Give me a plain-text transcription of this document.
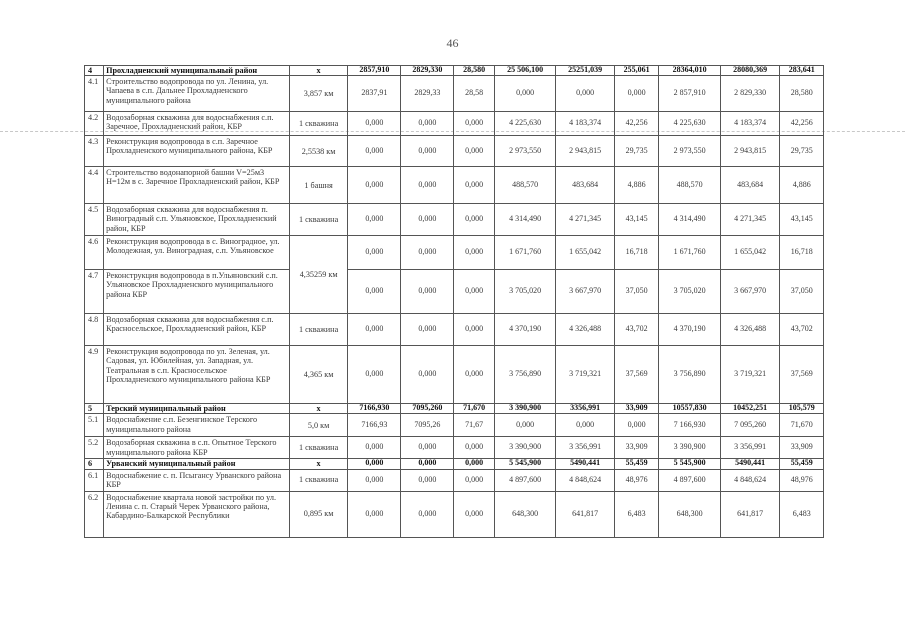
46
4	Прохладненский муниципальный район	х	2857,910	2829,330	28,580	25 506,100	25251,039	255,061	28364,010	28080,369	283,641
4.1	Строительство водопровода по ул. Ленина, ул. Чапаева в с.п. Дальнее Прохладненского муниципального района	3,857 км	2837,91	2829,33	28,58	0,000	0,000	0,000	2 857,910	2 829,330	28,580
4.2	Водозаборная скважина для водоснабжения с.п. Заречное, Прохладненский район, КБР	1 скважина	0,000	0,000	0,000	4 225,630	4 183,374	42,256	4 225,630	4 183,374	42,256
4.3	Реконструкция водопровода в с.п. Заречное Прохладненского муниципального района, КБР	2,5538 км	0,000	0,000	0,000	2 973,550	2 943,815	29,735	2 973,550	2 943,815	29,735
4.4	Строительство водонапорной башни V=25м3 Н=12м в с. Заречное Прохладненский район, КБР	1 башня	0,000	0,000	0,000	488,570	483,684	4,886	488,570	483,684	4,886
4.5	Водозаборная скважина для водоснабжения п. Виноградный с.п. Ульяновское, Прохладненский район, КБР	1 скважина	0,000	0,000	0,000	4 314,490	4 271,345	43,145	4 314,490	4 271,345	43,145
4.6	Реконструкция водопровода в с. Виноградное, ул. Молодежная, ул. Виноградная, с.п. Ульяновское	4,35259 км	0,000	0,000	0,000	1 671,760	1 655,042	16,718	1 671,760	1 655,042	16,718
4.7	Реконструкция водопровода в п.Ульяновский с.п. Ульяновское Прохладненского муниципального района КБР		0,000	0,000	0,000	3 705,020	3 667,970	37,050	3 705,020	3 667,970	37,050
4.8	Водозаборная скважина для водоснабжения с.п. Красносельское, Прохладненский район, КБР	1 скважина	0,000	0,000	0,000	4 370,190	4 326,488	43,702	4 370,190	4 326,488	43,702
4.9	Реконструкция водопровода по ул. Зеленая, ул. Садовая, ул. Юбилейная, ул. Западная, ул. Театральная в с.п. Красносельское Прохладненского муниципального района КБР	4,365 км	0,000	0,000	0,000	3 756,890	3 719,321	37,569	3 756,890	3 719,321	37,569
5	Терский муниципальный район	х	7166,930	7095,260	71,670	3 390,900	3356,991	33,909	10557,830	10452,251	105,579
5.1	Водоснабжение с.п. Безенгинское Терского муниципального района	5,0 км	7166,93	7095,26	71,67	0,000	0,000	0,000	7 166,930	7 095,260	71,670
5.2	Водозаборная скважина в с.п. Опытное Терского муниципального района КБР	1 скважина	0,000	0,000	0,000	3 390,900	3 356,991	33,909	3 390,900	3 356,991	33,909
6	Урванский муниципальный район	х	0,000	0,000	0,000	5 545,900	5490,441	55,459	5 545,900	5490,441	55,459
6.1	Водоснабжение с. п. Псыгансу Урванского района КБР	1 скважина	0,000	0,000	0,000	4 897,600	4 848,624	48,976	4 897,600	4 848,624	48,976
6.2	Водоснабжение квартала новой застройки по ул. Ленина с. п. Старый Черек Урванского района, Кабардино-Балкарской Республики	0,895 км	0,000	0,000	0,000	648,300	641,817	6,483	648,300	641,817	6,483
